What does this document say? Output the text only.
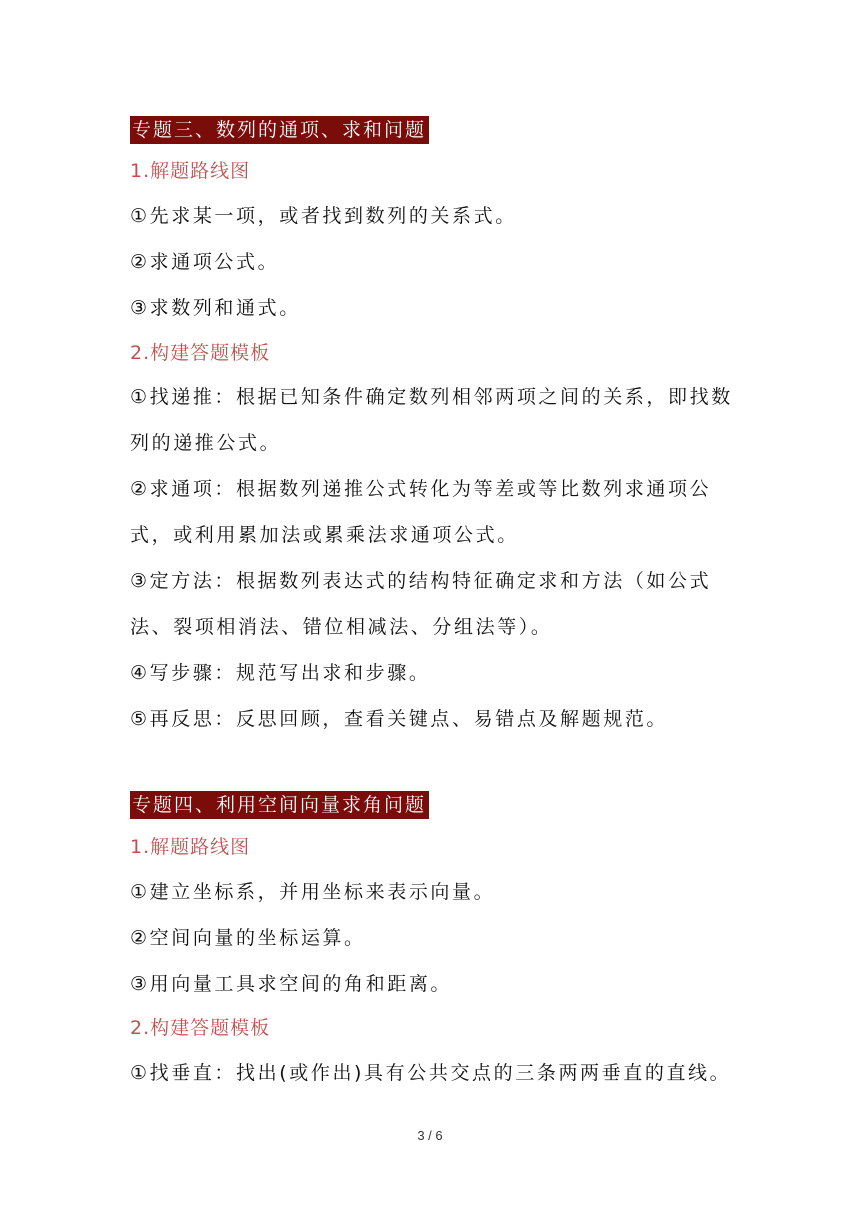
专题三、数列的通项、求和问题
1.解题路线图
①先求某一项，或者找到数列的关系式。
②求通项公式。
③求数列和通式。
2.构建答题模板
①找递推：根据已知条件确定数列相邻两项之间的关系，即找数列的递推公式。
②求通项：根据数列递推公式转化为等差或等比数列求通项公式，或利用累加法或累乘法求通项公式。
③定方法：根据数列表达式的结构特征确定求和方法（如公式法、裂项相消法、错位相减法、分组法等）。
④写步骤：规范写出求和步骤。
⑤再反思：反思回顾，查看关键点、易错点及解题规范。
专题四、利用空间向量求角问题
1.解题路线图
①建立坐标系，并用坐标来表示向量。
②空间向量的坐标运算。
③用向量工具求空间的角和距离。
2.构建答题模板
①找垂直：找出(或作出)具有公共交点的三条两两垂直的直线。
3 / 6
